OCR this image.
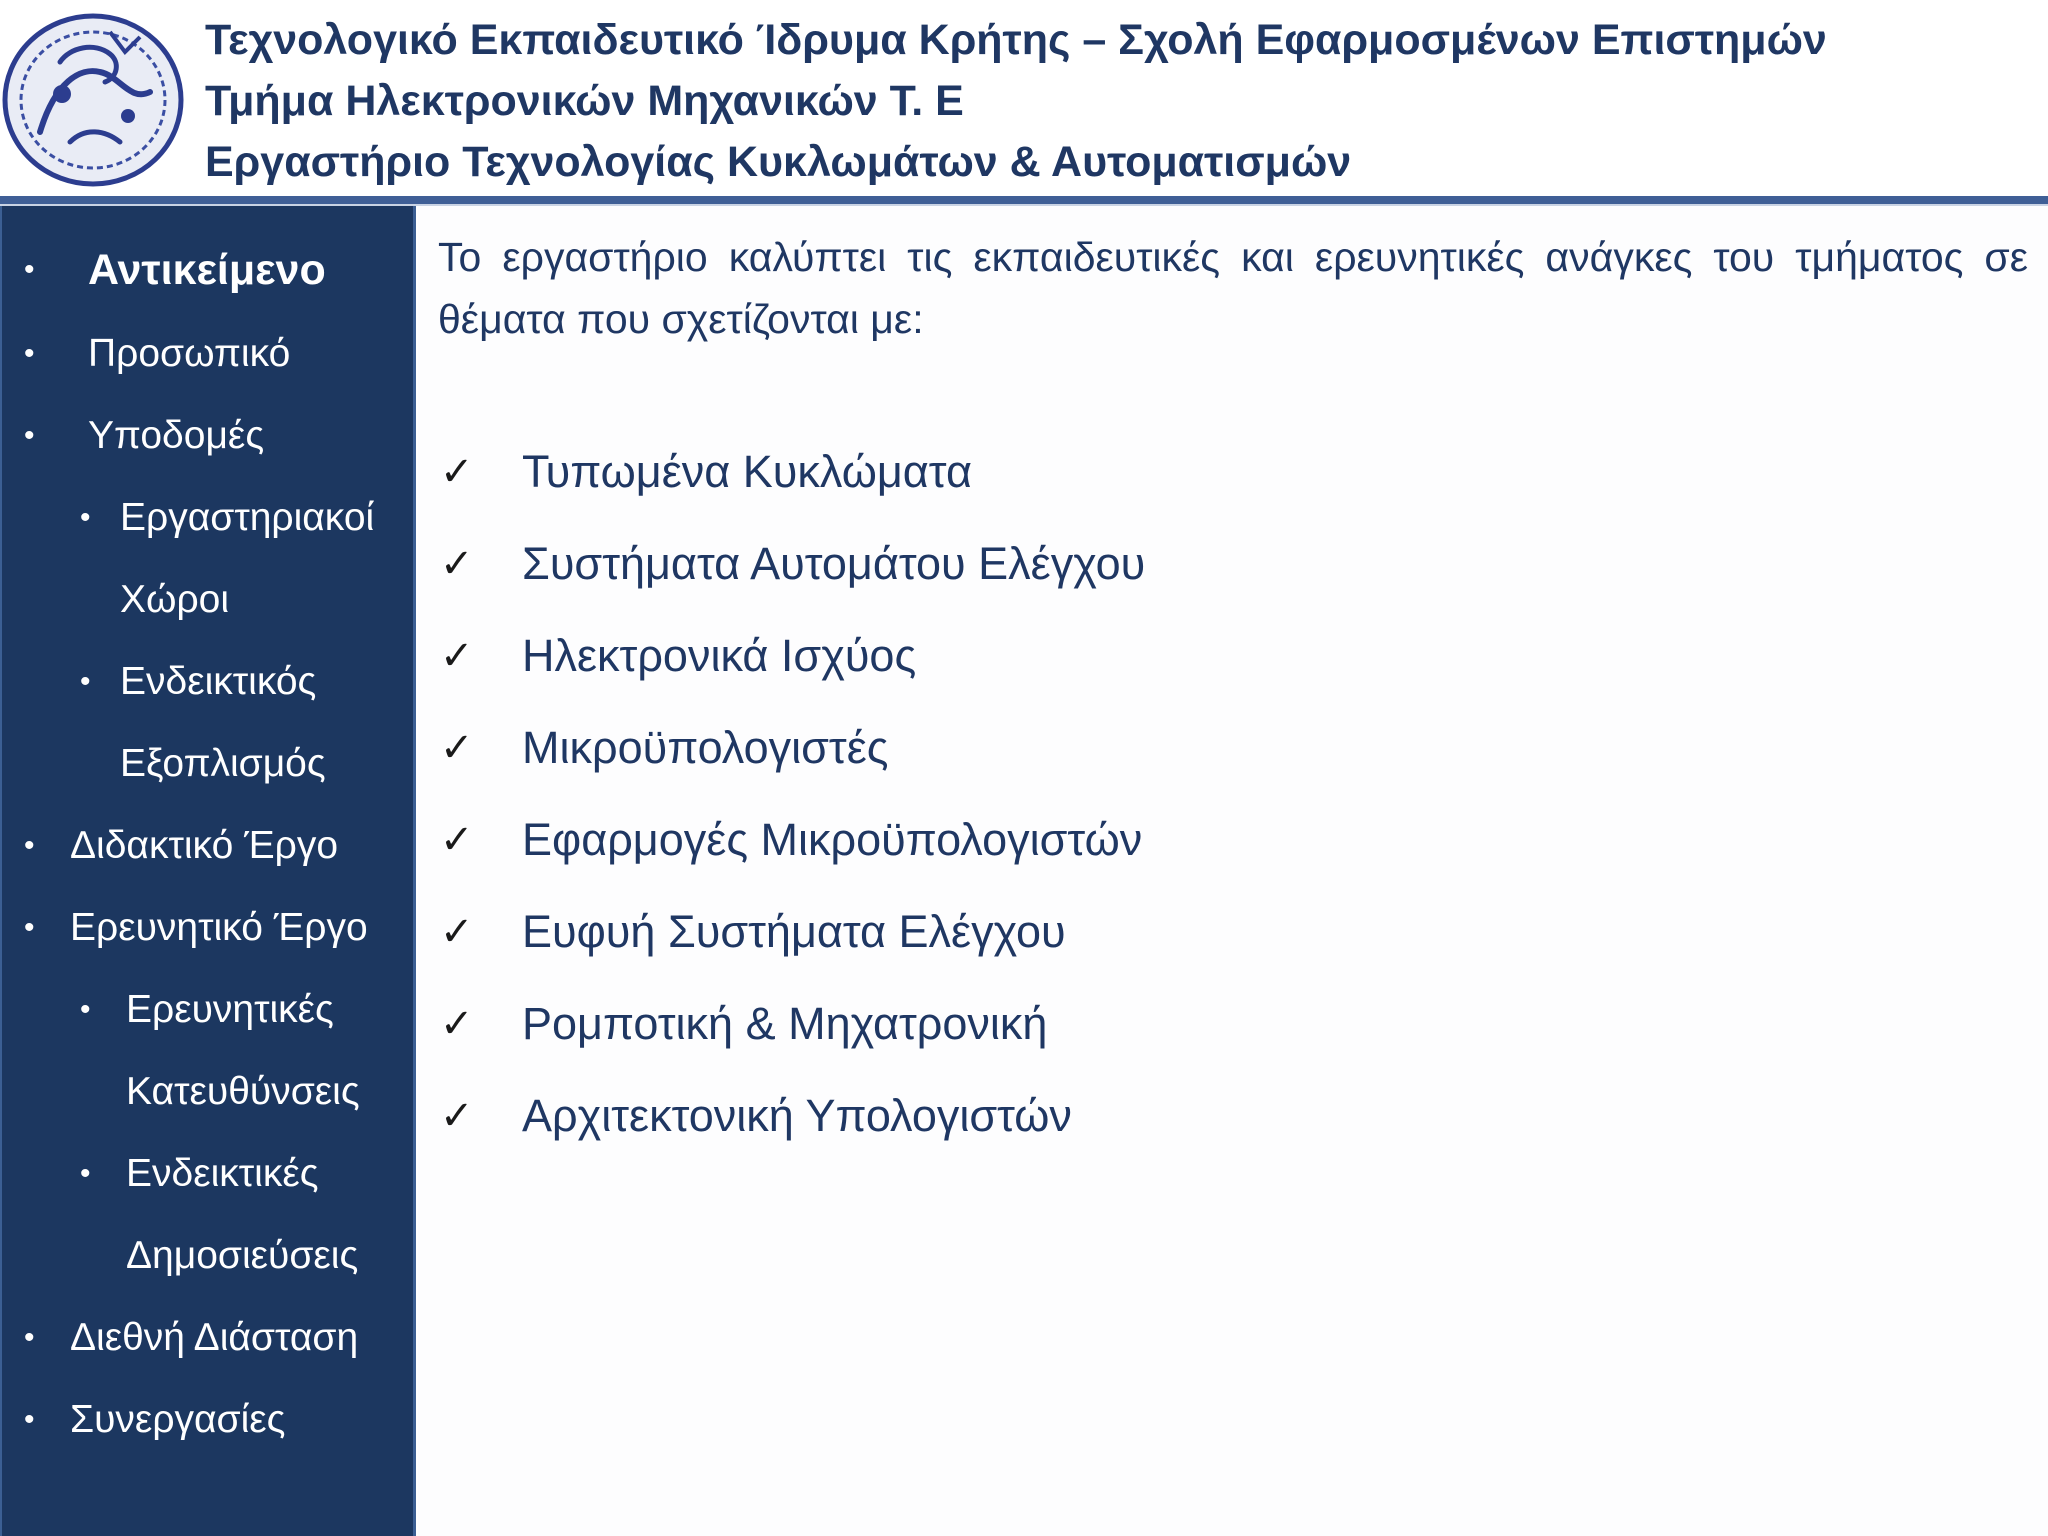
Τεχνολογικό Εκπαιδευτικό Ίδρυμα Κρήτης – Σχολή Εφαρμοσμένων Επιστημών
Τμήμα Ηλεκτρονικών Μηχανικών Τ. Ε
Εργαστήριο Τεχνολογίας Κυκλωμάτων & Αυτοματισμών
• Αντικείμενο
• Προσωπικό
• Υποδομές
• Εργαστηριακοί
Χώροι
• Ενδεικτικός
Εξοπλισμός
• Διδακτικό Έργο
• Ερευνητικό Έργο
• Ερευνητικές
Κατευθύνσεις
• Ενδεικτικές
Δημοσιεύσεις
• Διεθνή Διάσταση
• Συνεργασίες
Το εργαστήριο καλύπτει τις εκπαιδευτικές και ερευνητικές ανάγκες του τμήματος σε θέματα που σχετίζονται με:
✓ Τυπωμένα Κυκλώματα
✓ Συστήματα Αυτομάτου Ελέγχου
✓ Ηλεκτρονικά Ισχύος
✓ Μικροϋπολογιστές
✓ Εφαρμογές Μικροϋπολογιστών
✓ Ευφυή Συστήματα Ελέγχου
✓ Ρομποτική & Μηχατρονική
✓ Αρχιτεκτονική Υπολογιστών
